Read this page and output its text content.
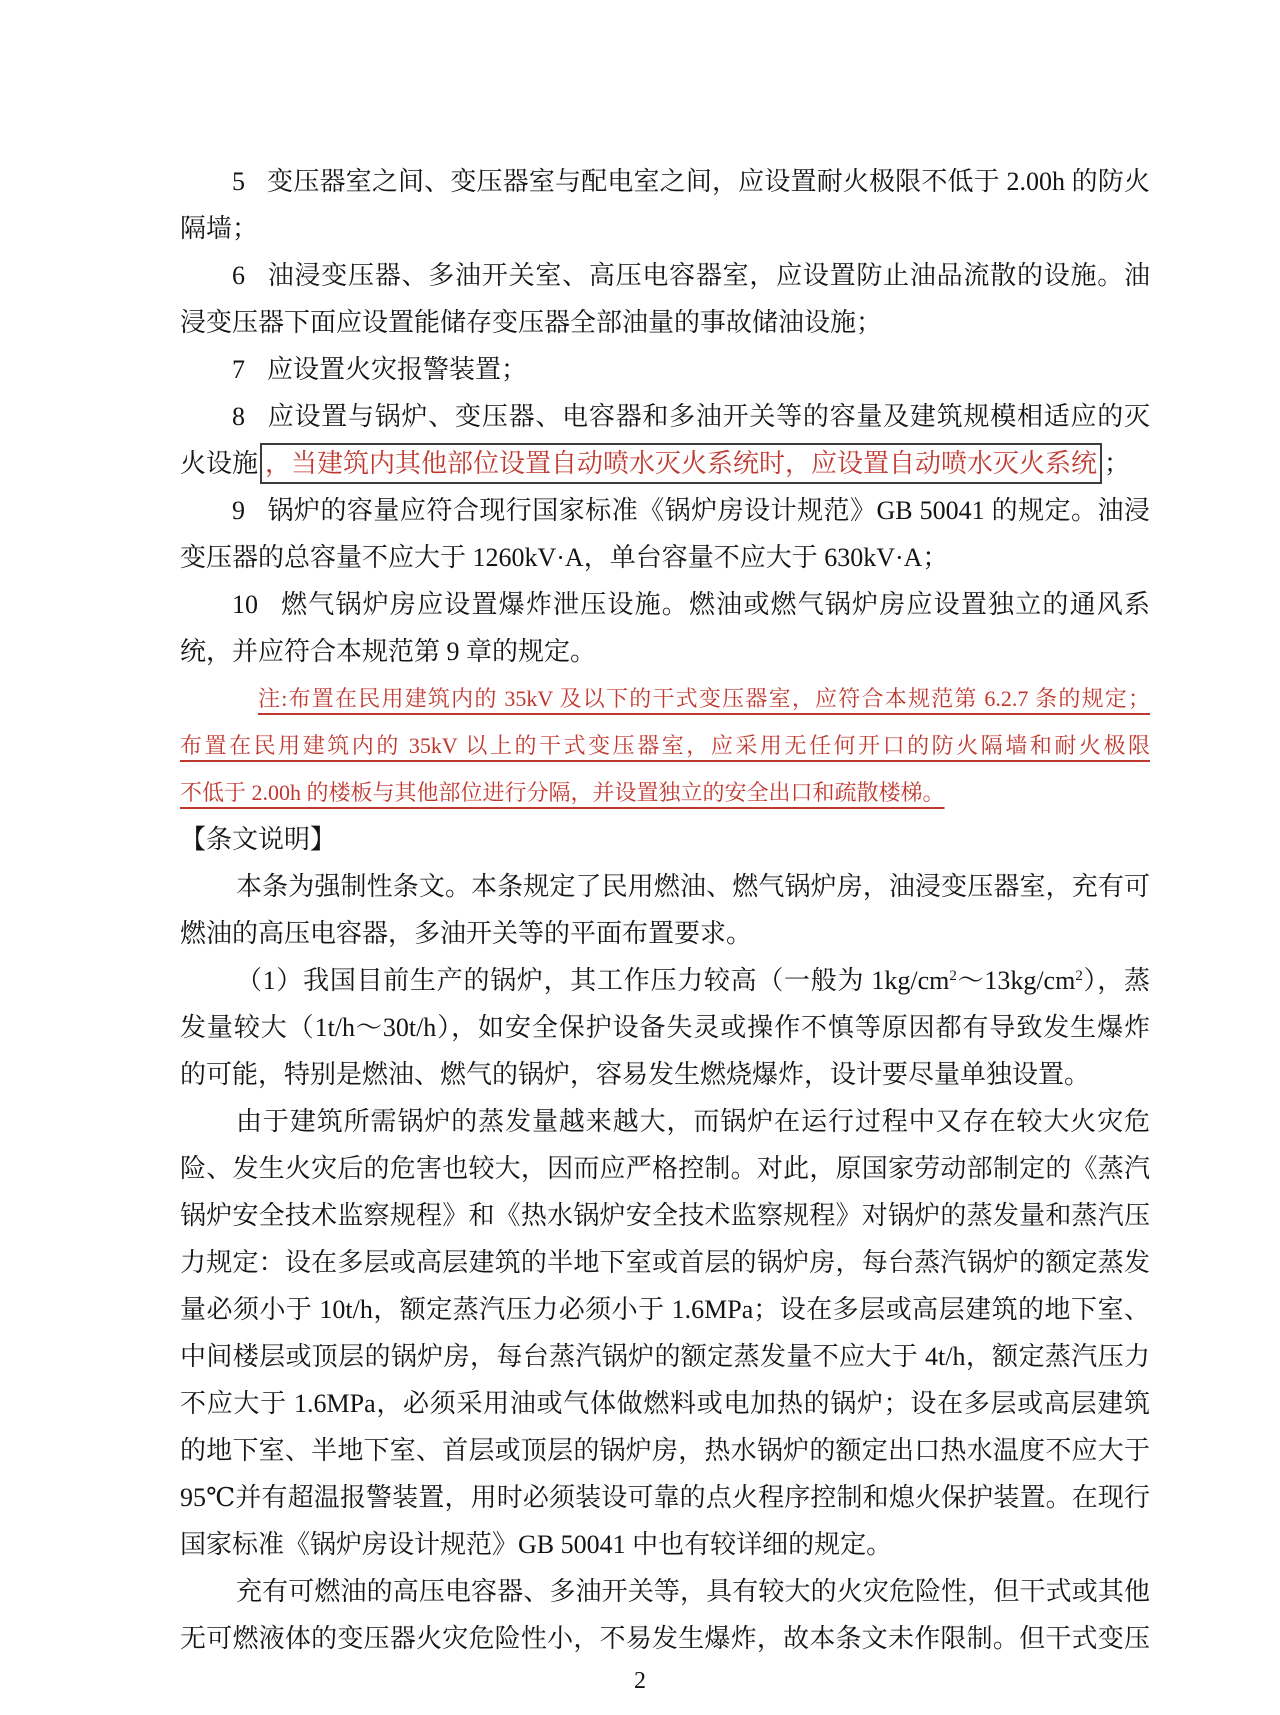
5 变压器室之间、变压器室与配电室之间，应设置耐火极限不低于 2.00h 的防火
隔墙；
6 油浸变压器、多油开关室、高压电容器室，应设置防止油品流散的设施。油
浸变压器下面应设置能储存变压器全部油量的事故储油设施；
7 应设置火灾报警装置；
8 应设置与锅炉、变压器、电容器和多油开关等的容量及建筑规模相适应的灭
火设施 ，当建筑内其他部位设置自动喷水灭火系统时，应设置自动喷水灭火系统 ；
9 锅炉的容量应符合现行国家标准《锅炉房设计规范》GB 50041 的规定。油浸
变压器的总容量不应大于 1260kV·A，单台容量不应大于 630kV·A；
10 燃气锅炉房应设置爆炸泄压设施。燃油或燃气锅炉房应设置独立的通风系
统，并应符合本规范第 9 章的规定。
注:布置在民用建筑内的 35kV 及以下的干式变压器室，应符合本规范第 6.2.7 条的规定；
布置在民用建筑内的 35kV 以上的干式变压器室，应采用无任何开口的防火隔墙和耐火极限
不低于 2.00h 的楼板与其他部位进行分隔，并设置独立的安全出口和疏散楼梯。
【条文说明】
本条为强制性条文。本条规定了民用燃油、燃气锅炉房，油浸变压器室，充有可
燃油的高压电容器，多油开关等的平面布置要求。
（1）我国目前生产的锅炉，其工作压力较高（一般为 $1kg/cm^2\sim 13kg/cm^2$），蒸
发量较大（1t/h～30t/h），如安全保护设备失灵或操作不慎等原因都有导致发生爆炸
的可能，特别是燃油、燃气的锅炉，容易发生燃烧爆炸，设计要尽量单独设置。
由于建筑所需锅炉的蒸发量越来越大，而锅炉在运行过程中又存在较大火灾危
险、发生火灾后的危害也较大，因而应严格控制。对此，原国家劳动部制定的《蒸汽
锅炉安全技术监察规程》和《热水锅炉安全技术监察规程》对锅炉的蒸发量和蒸汽压
力规定：设在多层或高层建筑的半地下室或首层的锅炉房，每台蒸汽锅炉的额定蒸发
量必须小于 10t/h，额定蒸汽压力必须小于 1.6MPa；设在多层或高层建筑的地下室、
中间楼层或顶层的锅炉房，每台蒸汽锅炉的额定蒸发量不应大于 4t/h，额定蒸汽压力
不应大于 1.6MPa，必须采用油或气体做燃料或电加热的锅炉；设在多层或高层建筑
的地下室、半地下室、首层或顶层的锅炉房，热水锅炉的额定出口热水温度不应大于
95℃并有超温报警装置，用时必须装设可靠的点火程序控制和熄火保护装置。在现行
国家标准《锅炉房设计规范》GB 50041 中也有较详细的规定。
充有可燃油的高压电容器、多油开关等，具有较大的火灾危险性，但干式或其他
无可燃液体的变压器火灾危险性小，不易发生爆炸，故本条文未作限制。但干式变压
2
